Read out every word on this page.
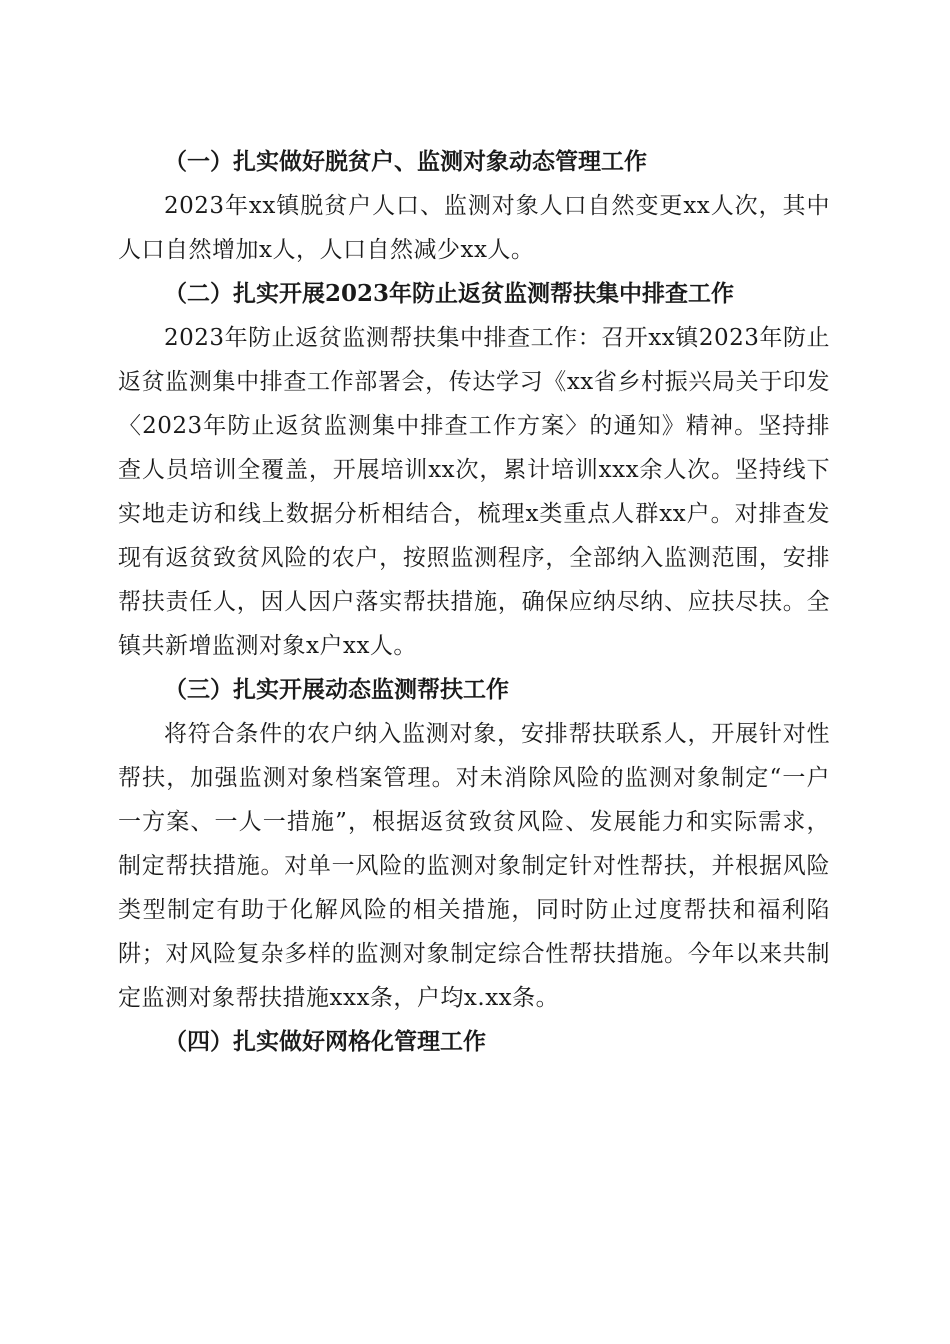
（一）扎实做好脱贫户、监测对象动态管理工作

2023年xx镇脱贫户人口、监测对象人口自然变更xx人次，其中人口自然增加x人，人口自然减少xx人。

（二）扎实开展2023年防止返贫监测帮扶集中排查工作

2023年防止返贫监测帮扶集中排查工作：召开xx镇2023年防止返贫监测集中排查工作部署会，传达学习《xx省乡村振兴局关于印发〈2023年防止返贫监测集中排查工作方案〉的通知》精神。坚持排查人员培训全覆盖，开展培训xx次，累计培训xxx余人次。坚持线下实地走访和线上数据分析相结合，梳理x类重点人群xx户。对排查发现有返贫致贫风险的农户，按照监测程序，全部纳入监测范围，安排帮扶责任人，因人因户落实帮扶措施，确保应纳尽纳、应扶尽扶。全镇共新增监测对象x户xx人。

（三）扎实开展动态监测帮扶工作

将符合条件的农户纳入监测对象，安排帮扶联系人，开展针对性帮扶，加强监测对象档案管理。对未消除风险的监测对象制定“一户一方案、一人一措施”，根据返贫致贫风险、发展能力和实际需求，制定帮扶措施。对单一风险的监测对象制定针对性帮扶，并根据风险类型制定有助于化解风险的相关措施，同时防止过度帮扶和福利陷阱；对风险复杂多样的监测对象制定综合性帮扶措施。今年以来共制定监测对象帮扶措施xxx条，户均x.xx条。

（四）扎实做好网格化管理工作
